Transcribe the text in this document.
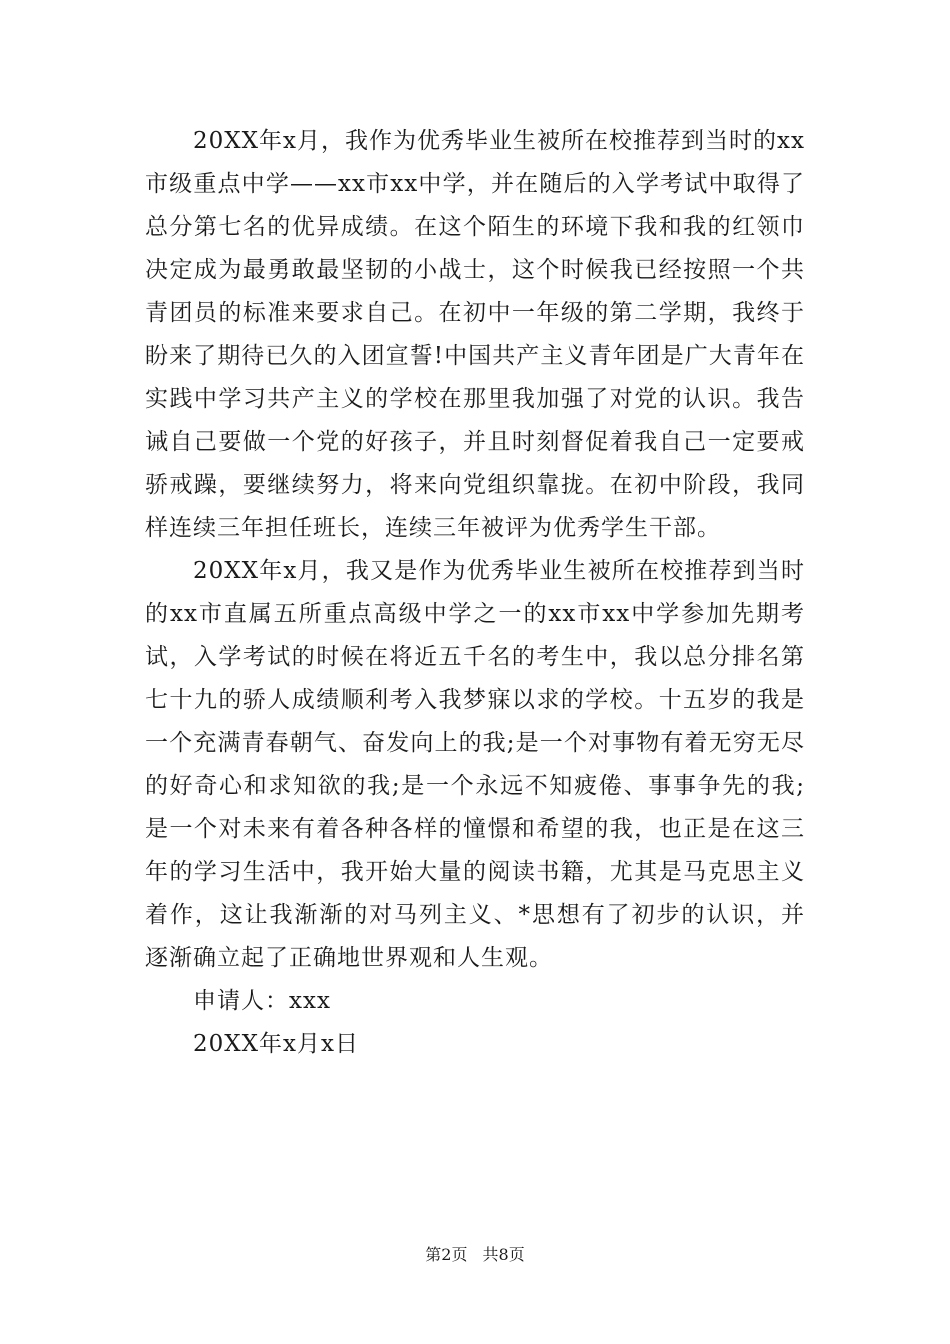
20XX年x月，我作为优秀毕业生被所在校推荐到当时的xx市级重点中学——xx市xx中学，并在随后的入学考试中取得了总分第七名的优异成绩。在这个陌生的环境下我和我的红领巾决定成为最勇敢最坚韧的小战士，这个时候我已经按照一个共青团员的标准来要求自己。在初中一年级的第二学期，我终于盼来了期待已久的入团宣誓!中国共产主义青年团是广大青年在实践中学习共产主义的学校在那里我加强了对党的认识。我告诫自己要做一个党的好孩子，并且时刻督促着我自己一定要戒骄戒躁，要继续努力，将来向党组织靠拢。在初中阶段，我同样连续三年担任班长，连续三年被评为优秀学生干部。

20XX年x月，我又是作为优秀毕业生被所在校推荐到当时的xx市直属五所重点高级中学之一的xx市xx中学参加先期考试，入学考试的时候在将近五千名的考生中，我以总分排名第七十九的骄人成绩顺利考入我梦寐以求的学校。十五岁的我是一个充满青春朝气、奋发向上的我;是一个对事物有着无穷无尽的好奇心和求知欲的我;是一个永远不知疲倦、事事争先的我;是一个对未来有着各种各样的憧憬和希望的我，也正是在这三年的学习生活中，我开始大量的阅读书籍，尤其是马克思主义着作，这让我渐渐的对马列主义、*思想有了初步的认识，并逐渐确立起了正确地世界观和人生观。

申请人：xxx

20XX年x月x日

第2页 共8页
